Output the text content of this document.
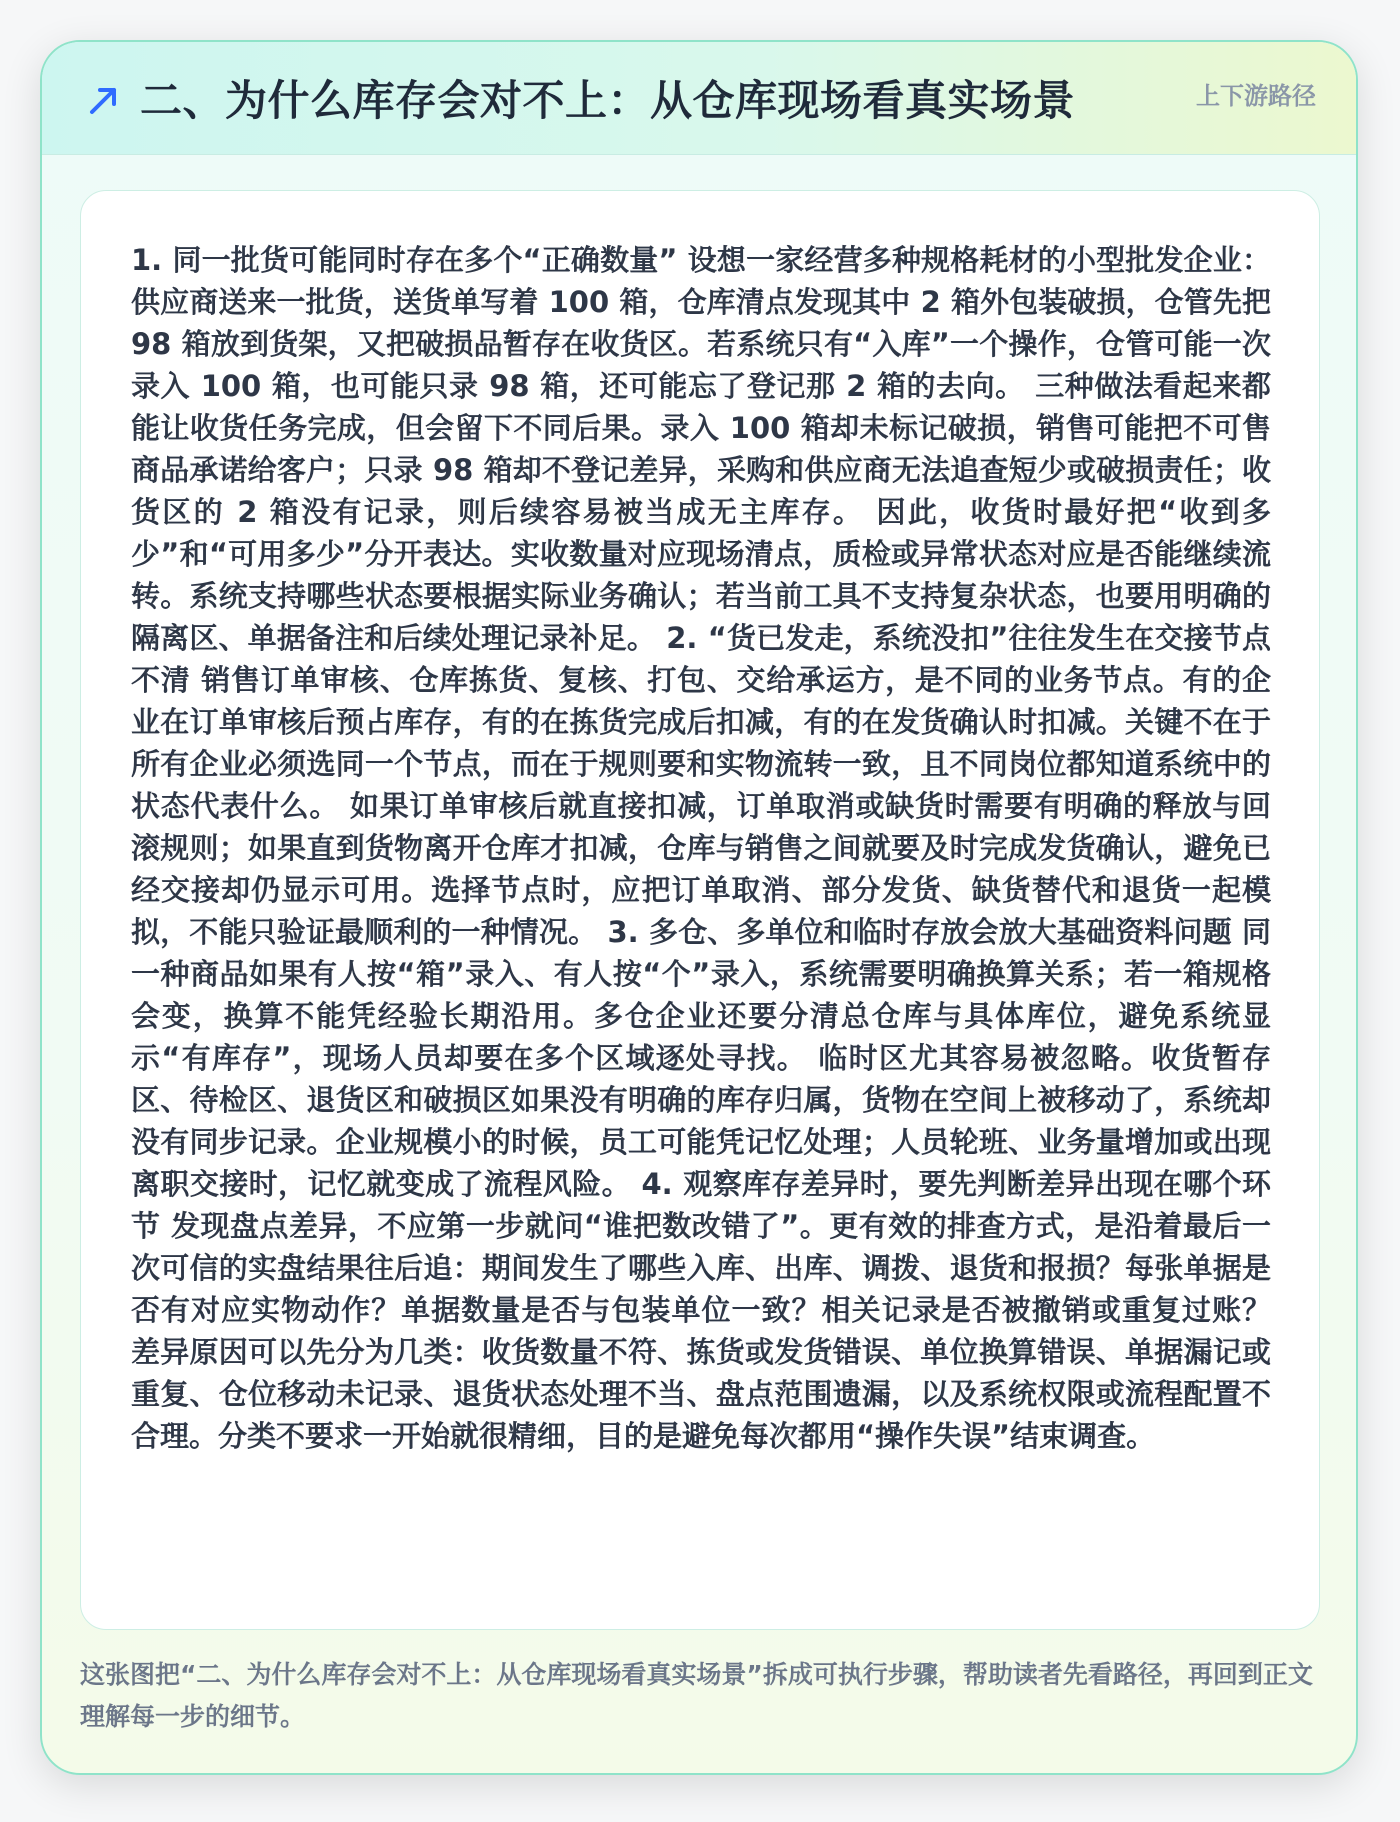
二、为什么库存会对不上：从仓库现场看真实场景	上下游路径

1. 同一批货可能同时存在多个“正确数量” 设想一家经营多种规格耗材的小型批发企业：供应商送来一批货，送货单写着 100 箱，仓库清点发现其中 2 箱外包装破损，仓管先把 98 箱放到货架，又把破损品暂存在收货区。若系统只有“入库”一个操作，仓管可能一次录入 100 箱，也可能只录 98 箱，还可能忘了登记那 2 箱的去向。 三种做法看起来都能让收货任务完成，但会留下不同后果。录入 100 箱却未标记破损，销售可能把不可售商品承诺给客户；只录 98 箱却不登记差异，采购和供应商无法追查短少或破损责任；收货区的 2 箱没有记录，则后续容易被当成无主库存。 因此，收货时最好把“收到多少”和“可用多少”分开表达。实收数量对应现场清点，质检或异常状态对应是否能继续流转。系统支持哪些状态要根据实际业务确认；若当前工具不支持复杂状态，也要用明确的隔离区、单据备注和后续处理记录补足。 2. “货已发走，系统没扣”往往发生在交接节点不清 销售订单审核、仓库拣货、复核、打包、交给承运方，是不同的业务节点。有的企业在订单审核后预占库存，有的在拣货完成后扣减，有的在发货确认时扣减。关键不在于所有企业必须选同一个节点，而在于规则要和实物流转一致，且不同岗位都知道系统中的状态代表什么。 如果订单审核后就直接扣减，订单取消或缺货时需要有明确的释放与回滚规则；如果直到货物离开仓库才扣减，仓库与销售之间就要及时完成发货确认，避免已经交接却仍显示可用。选择节点时，应把订单取消、部分发货、缺货替代和退货一起模拟，不能只验证最顺利的一种情况。 3. 多仓、多单位和临时存放会放大基础资料问题 同一种商品如果有人按“箱”录入、有人按“个”录入，系统需要明确换算关系；若一箱规格会变，换算不能凭经验长期沿用。多仓企业还要分清总仓库与具体库位，避免系统显示“有库存”，现场人员却要在多个区域逐处寻找。 临时区尤其容易被忽略。收货暂存区、待检区、退货区和破损区如果没有明确的库存归属，货物在空间上被移动了，系统却没有同步记录。企业规模小的时候，员工可能凭记忆处理；人员轮班、业务量增加或出现离职交接时，记忆就变成了流程风险。 4. 观察库存差异时，要先判断差异出现在哪个环节 发现盘点差异，不应第一步就问“谁把数改错了”。更有效的排查方式，是沿着最后一次可信的实盘结果往后追：期间发生了哪些入库、出库、调拨、退货和报损？每张单据是否有对应实物动作？单据数量是否与包装单位一致？相关记录是否被撤销或重复过账？ 差异原因可以先分为几类：收货数量不符、拣货或发货错误、单位换算错误、单据漏记或重复、仓位移动未记录、退货状态处理不当、盘点范围遗漏，以及系统权限或流程配置不合理。分类不要求一开始就很精细，目的是避免每次都用“操作失误”结束调查。

这张图把“二、为什么库存会对不上：从仓库现场看真实场景”拆成可执行步骤，帮助读者先看路径，再回到正文理解每一步的细节。
